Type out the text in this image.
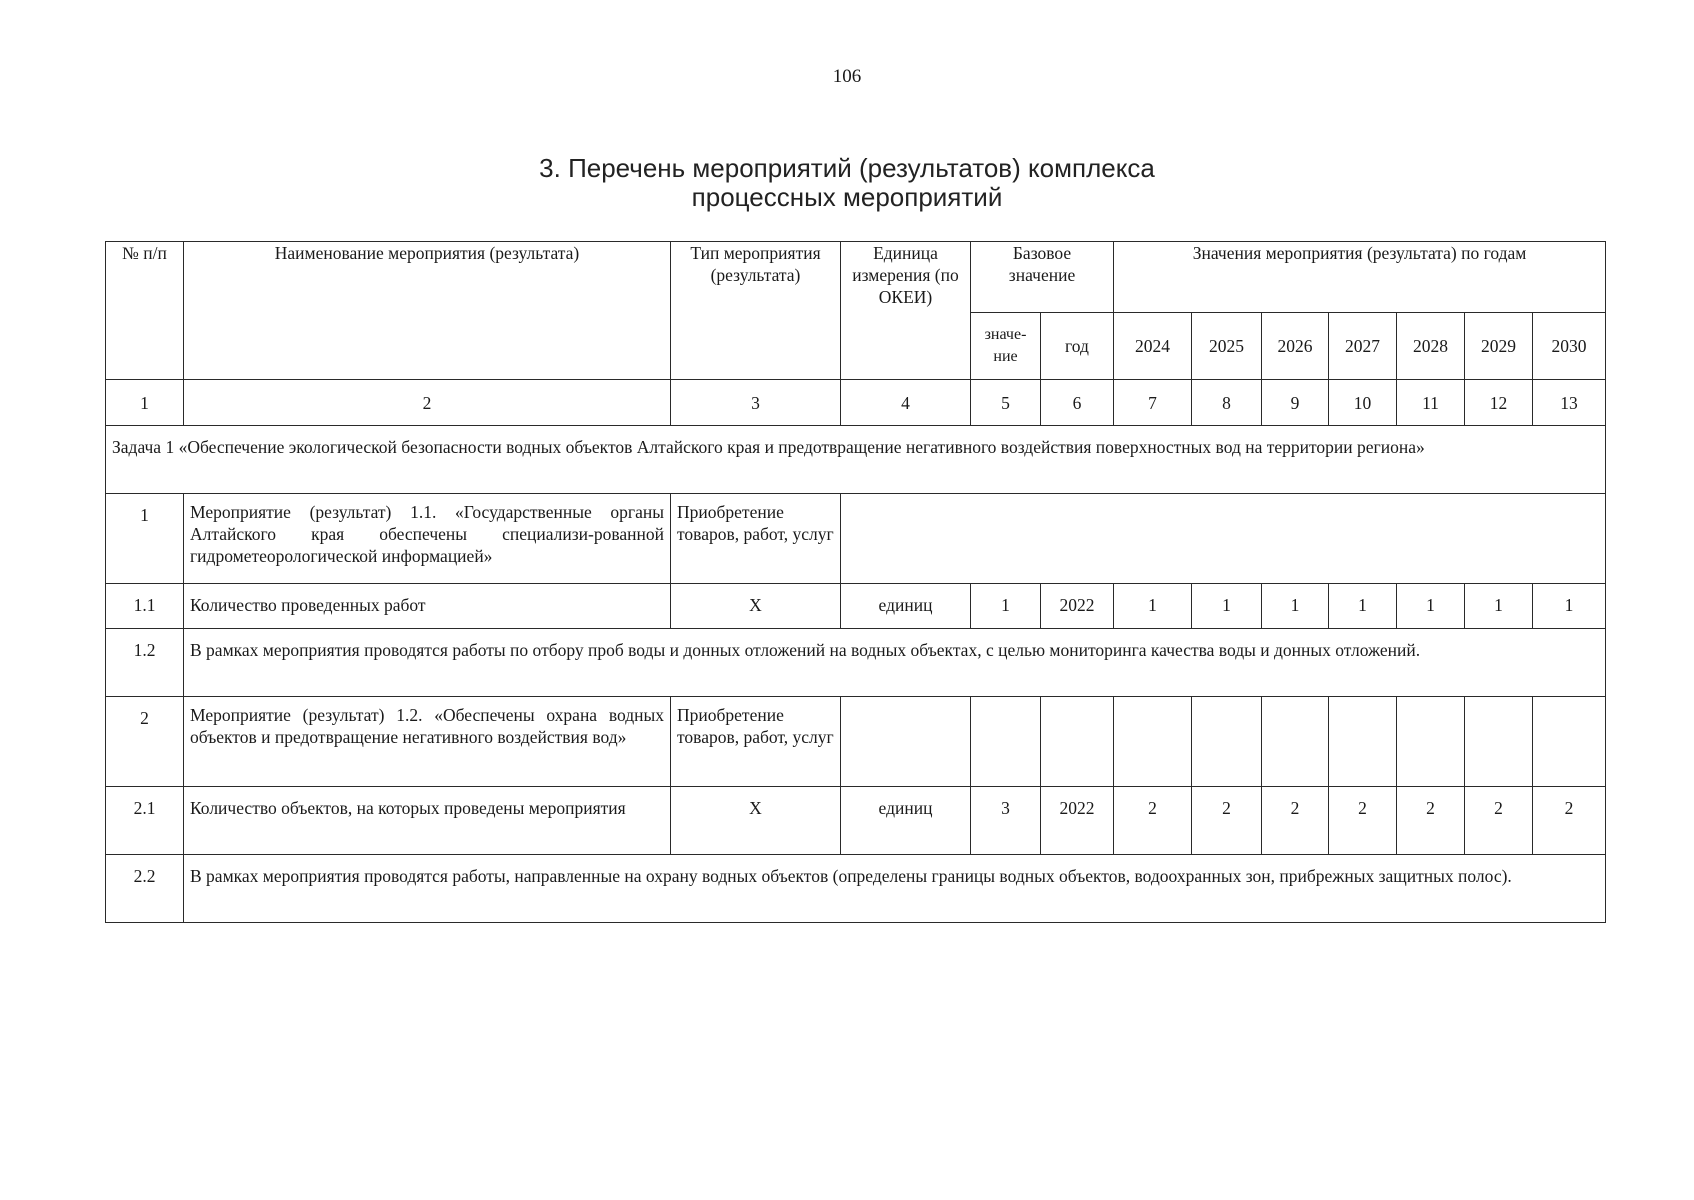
106
3. Перечень мероприятий (результатов) комплекса
процессных мероприятий
№ п/п	Наименование мероприятия (результата)	Тип мероприятия (результата)	Единица измерения (по ОКЕИ)	Базовое значение		Значения мероприятия (результата) по годам						
				значе-ние	год	2024	2025	2026	2027	2028	2029	2030
1	2	3	4	5	6	7	8	9	10	11	12	13
Задача 1 «Обеспечение экологической безопасности водных объектов Алтайского края и предотвращение негативного воздействия поверхностных вод на территории региона»												
1	Мероприятие (результат) 1.1. «Государственные органы Алтайского края обеспечены специализи-рованной гидрометеорологической информацией»	Приобретение товаров, работ, услуг										
1.1	Количество проведенных работ	X	единиц	1	2022	1	1	1	1	1	1	1
1.2	В рамках мероприятия проводятся работы по отбору проб воды и донных отложений на водных объектах, с целью мониторинга качества воды и донных отложений.											
2	Мероприятие (результат) 1.2. «Обеспечены охрана водных объектов и предотвращение негативного воздействия вод»	Приобретение товаров, работ, услуг										
2.1	Количество объектов, на которых проведены мероприятия	X	единиц	3	2022	2	2	2	2	2	2	2
2.2	В рамках мероприятия проводятся работы, направленные на охрану водных объектов (определены границы водных объектов, водоохранных зон, прибрежных защитных полос).											
